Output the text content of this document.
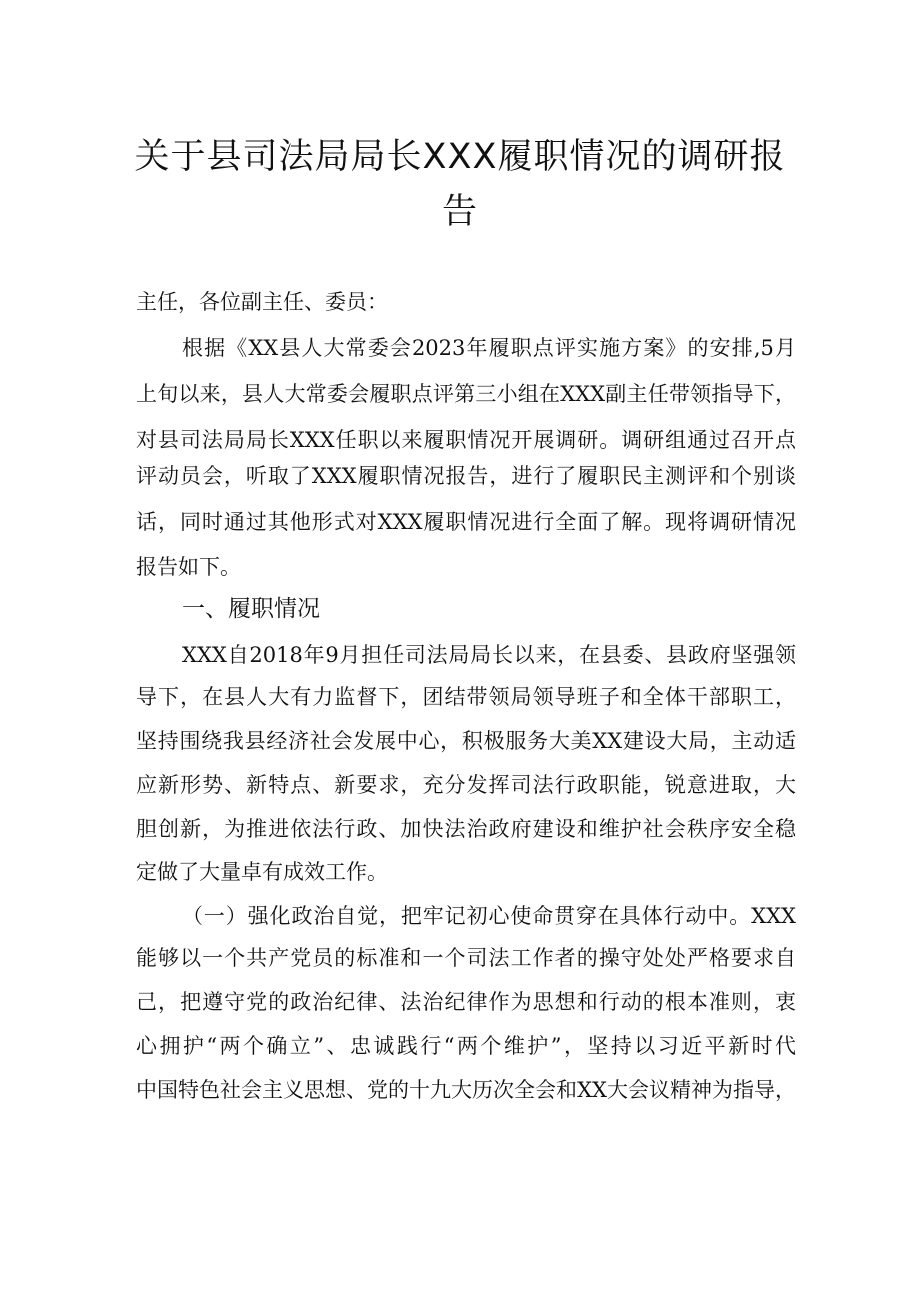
关于县司法局局长XXX履职情况的调研报
告
主任，各位副主任、委员：
根据《XX县人大常委会2023年履职点评实施方案》的安排,5月
上旬以来，县人大常委会履职点评第三小组在XXX副主任带领指导下，
对县司法局局长XXX任职以来履职情况开展调研。调研组通过召开点
评动员会，听取了XXX履职情况报告，进行了履职民主测评和个别谈
话，同时通过其他形式对XXX履职情况进行全面了解。现将调研情况
报告如下。
一、履职情况
XXX自2018年9月担任司法局局长以来，在县委、县政府坚强领
导下，在县人大有力监督下，团结带领局领导班子和全体干部职工，
坚持围绕我县经济社会发展中心，积极服务大美XX建设大局，主动适
应新形势、新特点、新要求，充分发挥司法行政职能，锐意进取，大
胆创新，为推进依法行政、加快法治政府建设和维护社会秩序安全稳
定做了大量卓有成效工作。
（一）强化政治自觉，把牢记初心使命贯穿在具体行动中。XXX
能够以一个共产党员的标准和一个司法工作者的操守处处严格要求自
己，把遵守党的政治纪律、法治纪律作为思想和行动的根本准则，衷
心拥护“两个确立”、忠诚践行“两个维护”，坚持以习近平新时代
中国特色社会主义思想、党的十九大历次全会和XX大会议精神为指导，
